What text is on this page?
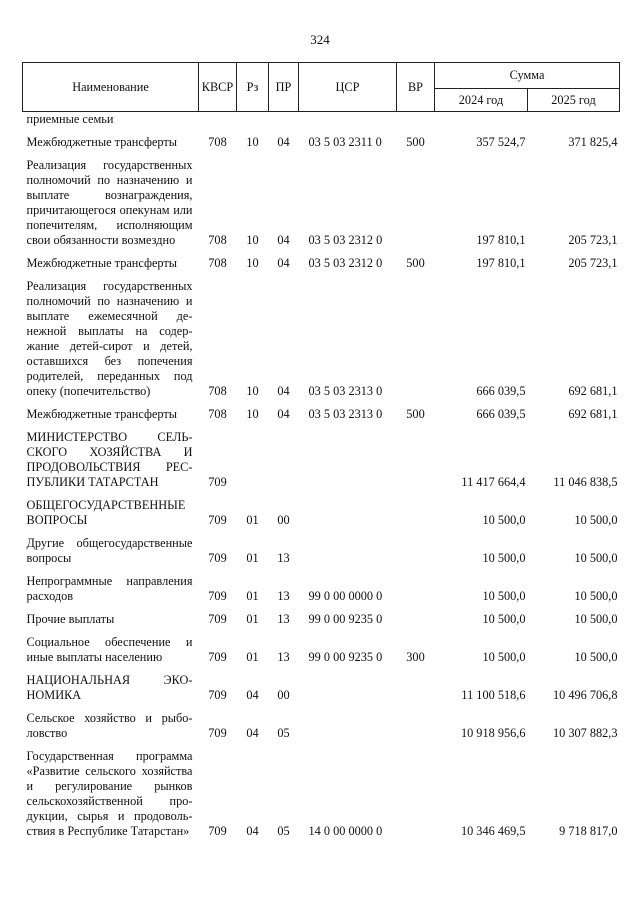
324
Наименование	КВСР	Рз	ПР	ЦСР	ВР	Сумма	
						2024 год	2025 год
приемные семьи							

Межбюджетные трансферты	708	10	04	03 5 03 2311 0	500	357 524,7	371 825,4

Реализация государственных полномочий по назначению и выплате вознаграждения, причитающегося опекунам или попечителям, исполняющим свои обязанности возмездно	708	10	04	03 5 03 2312 0		197 810,1	205 723,1

Межбюджетные трансферты	708	10	04	03 5 03 2312 0	500	197 810,1	205 723,1

Реализация государственных полномочий по назначению и выплате ежемесячной денежной выплаты на содержание детей-сирот и детей, оставшихся без попечения родителей, переданных под опеку (попечительство)	708	10	04	03 5 03 2313 0		666 039,5	692 681,1

Межбюджетные трансферты	708	10	04	03 5 03 2313 0	500	666 039,5	692 681,1

МИНИСТЕРСТВО СЕЛЬСКОГО ХОЗЯЙСТВА И ПРОДОВОЛЬСТВИЯ РЕСПУБЛИКИ ТАТАРСТАН	709					11 417 664,4	11 046 838,5

ОБЩЕГОСУДАРСТВЕННЫЕ ВОПРОСЫ	709	01	00			10 500,0	10 500,0

Другие общегосударственные вопросы	709	01	13			10 500,0	10 500,0

Непрограммные направления расходов	709	01	13	99 0 00 0000 0		10 500,0	10 500,0

Прочие выплаты	709	01	13	99 0 00 9235 0		10 500,0	10 500,0

Социальное обеспечение и иные выплаты населению	709	01	13	99 0 00 9235 0	300	10 500,0	10 500,0

НАЦИОНАЛЬНАЯ ЭКОНОМИКА	709	04	00			11 100 518,6	10 496 706,8

Сельское хозяйство и рыболовство	709	04	05			10 918 956,6	10 307 882,3

Государственная программа «Развитие сельского хозяйства и регулирование рынков сельскохозяйственной продукции, сырья и продовольствия в Республике Татарстан»	709	04	05	14 0 00 0000 0		10 346 469,5	9 718 817,0
